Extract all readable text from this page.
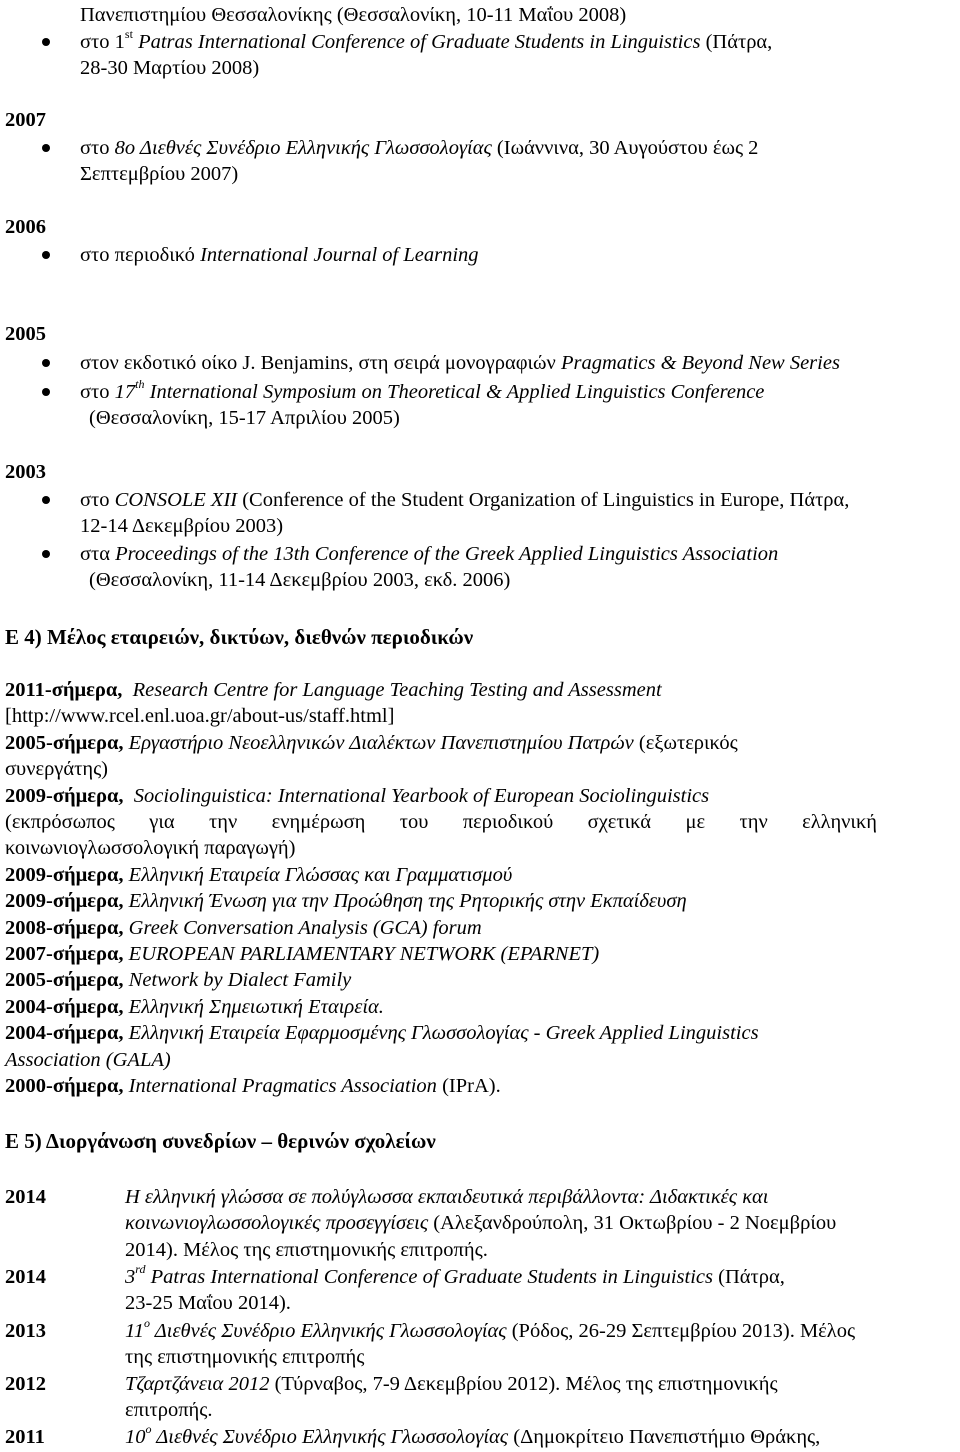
Πανεπιστημίου Θεσσαλονίκης (Θεσσαλονίκη, 10-11 Μαΐου 2008)
στο 1st Patras International Conference of Graduate Students in Linguistics (Πάτρα,
28-30 Μαρτίου 2008)
2007
στο 8ο Διεθνές Συνέδριο Ελληνικής Γλωσσολογίας (Ιωάννινα, 30 Αυγούστου έως 2
Σεπτεμβρίου 2007)
2006
στο περιοδικό International Journal of Learning
2005
στον εκδοτικό οίκο J. Benjamins, στη σειρά μονογραφιών Pragmatics & Beyond New Series
στο 17th International Symposium on Theoretical & Applied Linguistics Conference
(Θεσσαλονίκη, 15-17 Απριλίου 2005)
2003
στο CONSOLE XII (Conference of the Student Organization of Linguistics in Europe, Πάτρα,
12-14 Δεκεμβρίου 2003)
στα Proceedings of the 13th Conference of the Greek Applied Linguistics Association
(Θεσσαλονίκη, 11-14 Δεκεμβρίου 2003, εκδ. 2006)
Ε 4) Μέλος εταιρειών, δικτύων, διεθνών περιοδικών
2011-σήμερα, Research Centre for Language Teaching Testing and Assessment
[http://www.rcel.enl.uoa.gr/about-us/staff.html]
2005-σήμερα, Εργαστήριο Νεοελληνικών Διαλέκτων Πανεπιστημίου Πατρών (εξωτερικός
συνεργάτης)
2009-σήμερα, Sociolinguistica: International Yearbook of European Sociolinguistics
(εκπρόσωπος για την ενημέρωση του περιοδικού σχετικά με την ελληνική
κοινωνιογλωσσολογική παραγωγή)
2009-σήμερα, Ελληνική Εταιρεία Γλώσσας και Γραμματισμού
2009-σήμερα, Ελληνική Ένωση για την Προώθηση της Ρητορικής στην Εκπαίδευση
2008-σήμερα, Greek Conversation Analysis (GCA) forum
2007-σήμερα, EUROPEAN PARLIAMENTARY NETWORK (EPARNET)
2005-σήμερα, Network by Dialect Family
2004-σήμερα, Ελληνική Σημειωτική Εταιρεία.
2004-σήμερα, Ελληνική Εταιρεία Εφαρμοσμένης Γλωσσολογίας - Greek Applied Linguistics
Association (GALA)
2000-σήμερα, International Pragmatics Association (IPrA).
Ε 5) Διοργάνωση συνεδρίων – θερινών σχολείων
2014	Η ελληνική γλώσσα σε πολύγλωσσα εκπαιδευτικά περιβάλλοντα: Διδακτικές και
κοινωνιογλωσσολογικές προσεγγίσεις (Αλεξανδρούπολη, 31 Οκτωβρίου - 2 Νοεμβρίου
2014). Μέλος της επιστημονικής επιτροπής.
2014	3rd Patras International Conference of Graduate Students in Linguistics (Πάτρα,
23-25 Μαΐου 2014).
2013	$11^o$ Διεθνές Συνέδριο Ελληνικής Γλωσσολογίας (Ρόδος, 26-29 Σεπτεμβρίου 2013). Μέλος
της επιστημονικής επιτροπής
2012	Τζαρτζάνεια 2012 (Τύρναβος, 7-9 Δεκεμβρίου 2012). Μέλος της επιστημονικής
επιτροπής.
2011	$10^o$ Διεθνές Συνέδριο Ελληνικής Γλωσσολογίας (Δημοκρίτειο Πανεπιστήμιο Θράκης,
